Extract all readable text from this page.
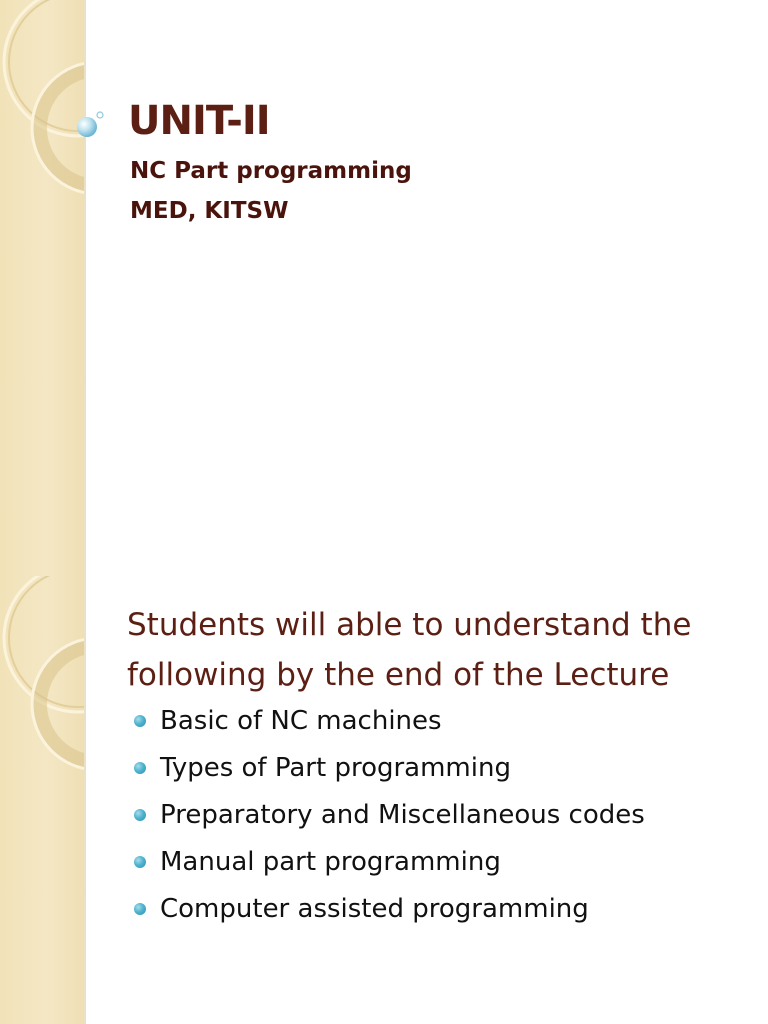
UNIT-II

NC Part programming

MED, KITSW

Students will able to understand the following by the end of the Lecture
Basic of NC machines
Types of Part programming
Preparatory and Miscellaneous codes
Manual part programming
Computer assisted programming
